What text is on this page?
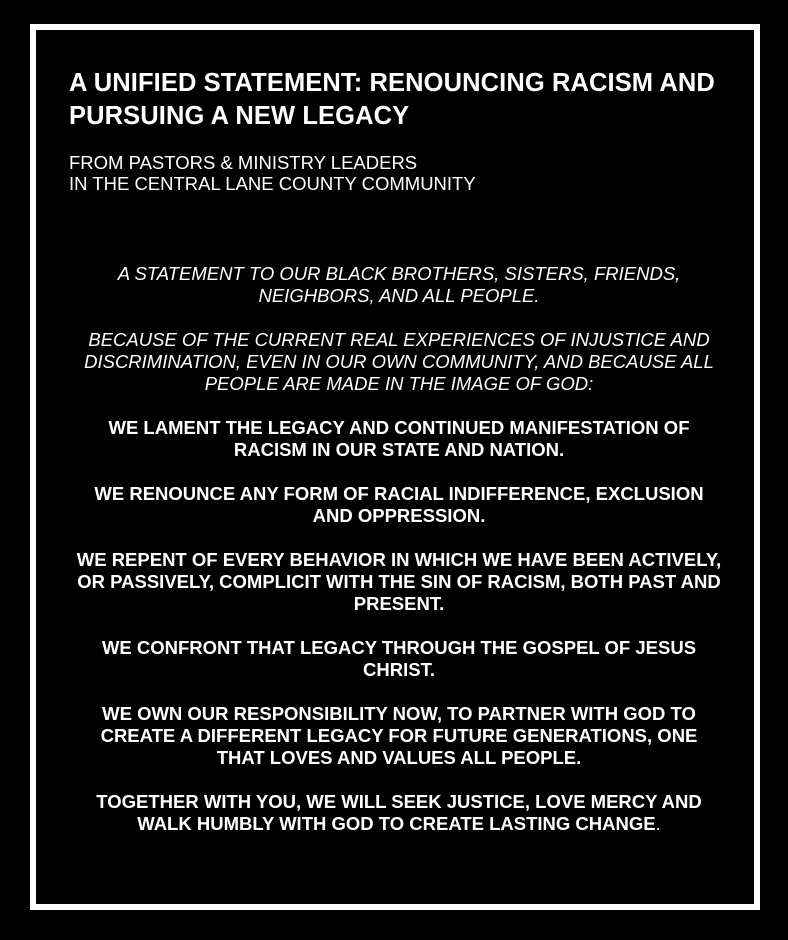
A UNIFIED STATEMENT: RENOUNCING RACISM AND PURSUING A NEW LEGACY
FROM PASTORS & MINISTRY LEADERS
IN THE CENTRAL LANE COUNTY COMMUNITY

A STATEMENT TO OUR BLACK BROTHERS, SISTERS, FRIENDS, NEIGHBORS, AND ALL PEOPLE.

BECAUSE OF THE CURRENT REAL EXPERIENCES OF INJUSTICE AND DISCRIMINATION, EVEN IN OUR OWN COMMUNITY, AND BECAUSE ALL PEOPLE ARE MADE IN THE IMAGE OF GOD:

WE LAMENT THE LEGACY AND CONTINUED MANIFESTATION OF RACISM IN OUR STATE AND NATION.

WE RENOUNCE ANY FORM OF RACIAL INDIFFERENCE, EXCLUSION AND OPPRESSION.

WE REPENT OF EVERY BEHAVIOR IN WHICH WE HAVE BEEN ACTIVELY, OR PASSIVELY, COMPLICIT WITH THE SIN OF RACISM, BOTH PAST AND PRESENT.

WE CONFRONT THAT LEGACY THROUGH THE GOSPEL OF JESUS CHRIST.

WE OWN OUR RESPONSIBILITY NOW, TO PARTNER WITH GOD TO CREATE A DIFFERENT LEGACY FOR FUTURE GENERATIONS, ONE THAT LOVES AND VALUES ALL PEOPLE.

TOGETHER WITH YOU, WE WILL SEEK JUSTICE, LOVE MERCY AND WALK HUMBLY WITH GOD TO CREATE LASTING CHANGE.
